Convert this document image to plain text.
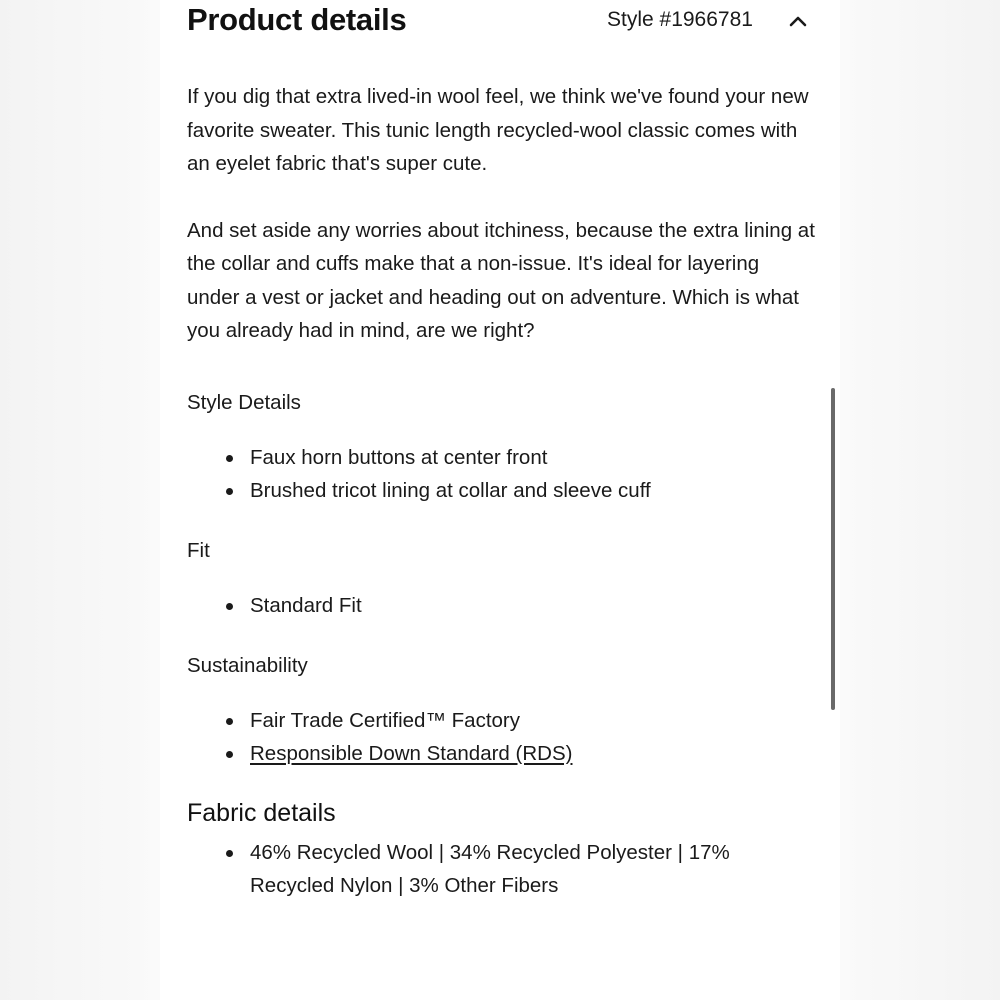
Product details	Style #1966781

If you dig that extra lived-in wool feel, we think we've found your new favorite sweater. This tunic length recycled-wool classic comes with an eyelet fabric that's super cute.

And set aside any worries about itchiness, because the extra lining at the collar and cuffs make that a non-issue. It's ideal for layering under a vest or jacket and heading out on adventure. Which is what you already had in mind, are we right?

Style Details
Faux horn buttons at center front
Brushed tricot lining at collar and sleeve cuff
Fit
Standard Fit
Sustainability
Fair Trade Certified™ Factory
Responsible Down Standard (RDS)
Fabric details
46% Recycled Wool | 34% Recycled Polyester | 17% Recycled Nylon | 3% Other Fibers
